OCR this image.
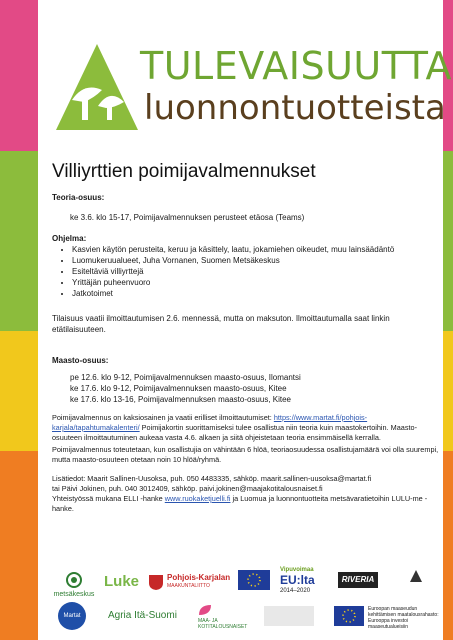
TULEVAISUUTTA
luonnontuotteista
Villiyrttien poimijavalmennukset
Teoria-osuus:
ke 3.6. klo 15-17, Poimijavalmennuksen perusteet etäosa (Teams)
Ohjelma:
• Kasvien käytön perusteita, keruu ja käsittely, laatu, jokamiehen oikeudet, muu lainsäädäntö
• Luomukeruualueet, Juha Vornanen, Suomen Metsäkeskus
• Esiteltäviä villiyrttejä
• Yrittäjän puheenvuoro
• Jatkotoimet

Tilaisuus vaatii ilmoittautumisen 2.6. mennessä, mutta on maksuton. Ilmoittautumalla saat linkin etätilaisuuteen.

Maasto-osuus:
pe 12.6. klo 9-12, Poimijavalmennuksen maasto-osuus, Ilomantsi
ke 17.6. klo 9-12, Poimijavalmennuksen maasto-osuus, Kitee
ke 17.6. klo 13-16, Poimijavalmennuksen maasto-osuus, Kitee

Poimijavalmennus on kaksiosainen ja vaatii erilliset ilmoittautumiset: https://www.martat.fi/pohjois-karjala/tapahtumakalenteri/ Poimijakortin suorittamiseksi tulee osallistua niin teoria kuin maastokertoihin. Maasto-osuuteen ilmoittautuminen aukeaa vasta 4.6. alkaen ja siitä ohjeistetaan teoria ensimmäisellä kerralla.

Poimijavalmennus toteutetaan, kun osallistujia on vähintään 6 hlöä, teoriaosuudessa osallistujamäärä voi olla suurempi, mutta maasto-osuuteen otetaan noin 10 hlöä/ryhmä.

Lisätiedot: Maarit Sallinen-Uusoksa, puh. 050 4483335, sähköp. maarit.sallinen-uusoksa@martat.fi

tai Päivi Jokinen, puh. 040 3012409, sähköp. paivi.jokinen@maajakotitalousnaiset.fi

Yhteistyössä mukana ELLI -hanke www.ruokaketjuelli.fi ja Luomua ja luonnontuotteita metsävaratietoihin LULU-me -hanke.

metsäkeskus
Luke	Pohjois-Karjalan
MAAKUNTALIITTO
Vipuvoimaa
EU:lta
2014–2020
RIVERIA
Martat	Agria Itä-Suomi	MAA- JA KOTITALOUSNAISET
Euroopan maaseudun kehittämisen maatalousrahasto: Eurooppa investoi maaseutualueisiin
